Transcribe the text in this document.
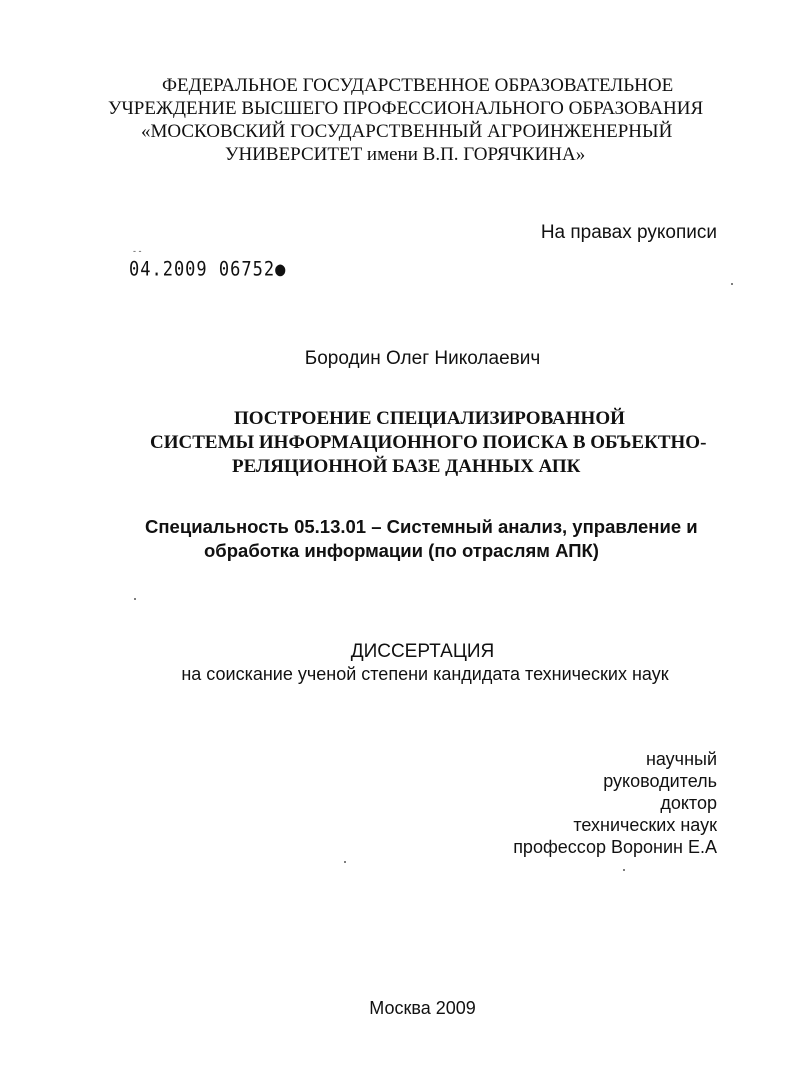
ФЕДЕРАЛЬНОЕ ГОСУДАРСТВЕННОЕ ОБРАЗОВАТЕЛЬНОЕ
УЧРЕЖДЕНИЕ ВЫСШЕГО ПРОФЕССИОНАЛЬНОГО ОБРАЗОВАНИЯ
«МОСКОВСКИЙ ГОСУДАРСТВЕННЫЙ АГРОИНЖЕНЕРНЫЙ
УНИВЕРСИТЕТ имени В.П. ГОРЯЧКИНА»
На правах рукописи
‑ ‑
04.2009 06752●
Бородин Олег Николаевич
ПОСТРОЕНИЕ СПЕЦИАЛИЗИРОВАННОЙ
СИСТЕМЫ ИНФОРМАЦИОННОГО ПОИСКА В ОБЪЕКТНО-
РЕЛЯЦИОННОЙ БАЗЕ ДАННЫХ АПК
Специальность 05.13.01 – Системный анализ, управление и
обработка информации (по отраслям АПК)
ДИССЕРТАЦИЯ
на соискание ученой степени кандидата технических наук
научный
руководитель
доктор
технических наук
профессор Воронин Е.А
Москва 2009
